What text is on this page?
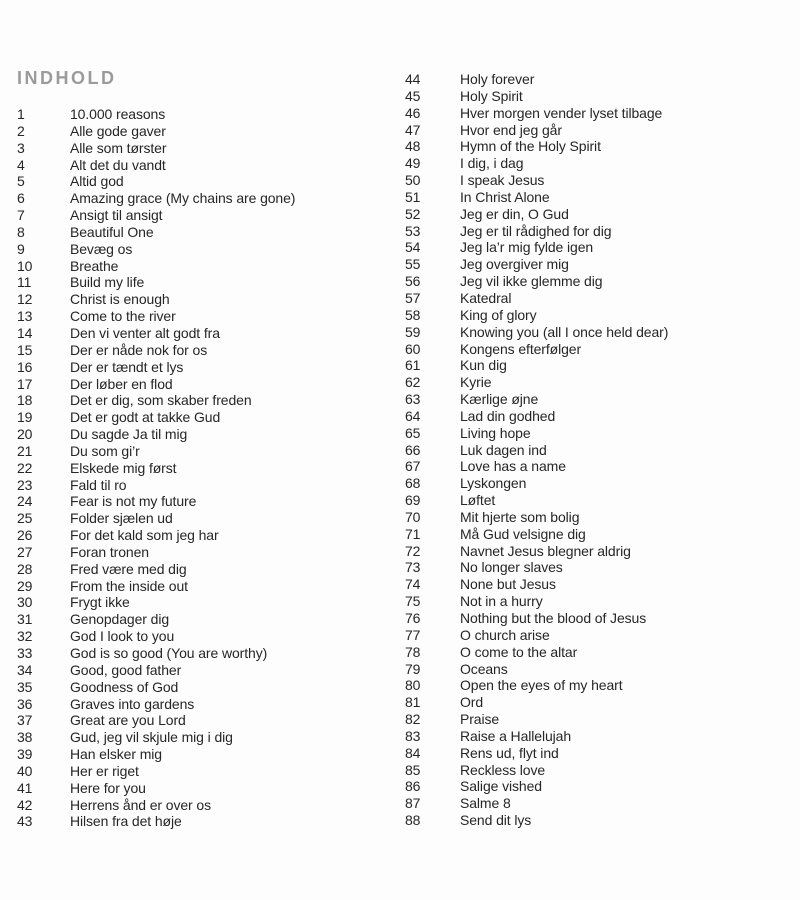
INDHOLD
1	10.000 reasons
2	Alle gode gaver
3	Alle som tørster
4	Alt det du vandt
5	Altid god
6	Amazing grace (My chains are gone)
7	Ansigt til ansigt
8	Beautiful One
9	Bevæg os
10	Breathe
11	Build my life
12	Christ is enough
13	Come to the river
14	Den vi venter alt godt fra
15	Der er nåde nok for os
16	Der er tændt et lys
17	Der løber en flod
18	Det er dig, som skaber freden
19	Det er godt at takke Gud
20	Du sagde Ja til mig
21	Du som gi’r
22	Elskede mig først
23	Fald til ro
24	Fear is not my future
25	Folder sjælen ud
26	For det kald som jeg har
27	Foran tronen
28	Fred være med dig
29	From the inside out
30	Frygt ikke
31	Genopdager dig
32	God I look to you
33	God is so good (You are worthy)
34	Good, good father
35	Goodness of God
36	Graves into gardens
37	Great are you Lord
38	Gud, jeg vil skjule mig i dig
39	Han elsker mig
40	Her er riget
41	Here for you
42	Herrens ånd er over os
43	Hilsen fra det høje
44	Holy forever
45	Holy Spirit
46	Hver morgen vender lyset tilbage
47	Hvor end jeg går
48	Hymn of the Holy Spirit
49	I dig, i dag
50	I speak Jesus
51	In Christ Alone
52	Jeg er din, O Gud
53	Jeg er til rådighed for dig
54	Jeg la’r mig fylde igen
55	Jeg overgiver mig
56	Jeg vil ikke glemme dig
57	Katedral
58	King of glory
59	Knowing you (all I once held dear)
60	Kongens efterfølger
61	Kun dig
62	Kyrie
63	Kærlige øjne
64	Lad din godhed
65	Living hope
66	Luk dagen ind
67	Love has a name
68	Lyskongen
69	Løftet
70	Mit hjerte som bolig
71	Må Gud velsigne dig
72	Navnet Jesus blegner aldrig
73	No longer slaves
74	None but Jesus
75	Not in a hurry
76	Nothing but the blood of Jesus
77	O church arise
78	O come to the altar
79	Oceans
80	Open the eyes of my heart
81	Ord
82	Praise
83	Raise a Hallelujah
84	Rens ud, flyt ind
85	Reckless love
86	Salige vished
87	Salme 8
88	Send dit lys
